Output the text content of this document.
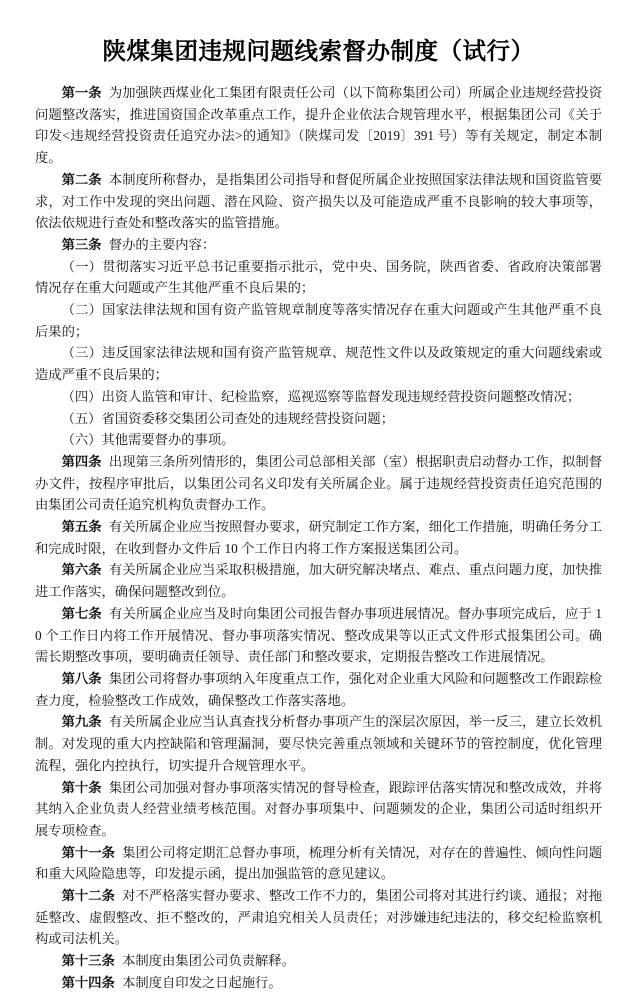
陕煤集团违规问题线索督办制度（试行）

第一条 为加强陕西煤业化工集团有限责任公司（以下简称集团公司）所属企业违规经营投资问题整改落实，推进国资国企改革重点工作，提升企业依法合规管理水平，根据集团公司《关于印发<违规经营投资责任追究办法>的通知》（陕煤司发〔2019〕391 号）等有关规定，制定本制度。

第二条 本制度所称督办，是指集团公司指导和督促所属企业按照国家法律法规和国资监管要求，对工作中发现的突出问题、潜在风险、资产损失以及可能造成严重不良影响的较大事项等，依法依规进行查处和整改落实的监管措施。

第三条 督办的主要内容：

（一）贯彻落实习近平总书记重要指示批示，党中央、国务院，陕西省委、省政府决策部署情况存在重大问题或产生其他严重不良后果的；

（二）国家法律法规和国有资产监管规章制度等落实情况存在重大问题或产生其他严重不良后果的；

（三）违反国家法律法规和国有资产监管规章、规范性文件以及政策规定的重大问题线索或造成严重不良后果的；

（四）出资人监管和审计、纪检监察，巡视巡察等监督发现违规经营投资问题整改情况；

（五）省国资委移交集团公司查处的违规经营投资问题；

（六）其他需要督办的事项。

第四条 出现第三条所列情形的，集团公司总部相关部（室）根据职责启动督办工作，拟制督办文件，按程序审批后，以集团公司名义印发有关所属企业。属于违规经营投资责任追究范围的由集团公司责任追究机构负责督办工作。

第五条 有关所属企业应当按照督办要求，研究制定工作方案，细化工作措施，明确任务分工和完成时限，在收到督办文件后 10 个工作日内将工作方案报送集团公司。

第六条 有关所属企业应当采取积极措施，加大研究解决堵点、难点、重点问题力度，加快推进工作落实，确保问题整改到位。

第七条 有关所属企业应当及时向集团公司报告督办事项进展情况。督办事项完成后，应于 10 个工作日内将工作开展情况、督办事项落实情况、整改成果等以正式文件形式报集团公司。确需长期整改事项，要明确责任领导、责任部门和整改要求，定期报告整改工作进展情况。

第八条 集团公司将督办事项纳入年度重点工作，强化对企业重大风险和问题整改工作跟踪检查力度，检验整改工作成效，确保整改工作落实落地。

第九条 有关所属企业应当认真查找分析督办事项产生的深层次原因，举一反三，建立长效机制。对发现的重大内控缺陷和管理漏洞，要尽快完善重点领域和关键环节的管控制度，优化管理流程，强化内控执行，切实提升合规管理水平。

第十条 集团公司加强对督办事项落实情况的督导检查，跟踪评估落实情况和整改成效，并将其纳入企业负责人经营业绩考核范围。对督办事项集中、问题频发的企业，集团公司适时组织开展专项检查。

第十一条 集团公司将定期汇总督办事项，梳理分析有关情况，对存在的普遍性、倾向性问题和重大风险隐患等，印发提示函，提出加强监管的意见建议。

第十二条 对不严格落实督办要求、整改工作不力的，集团公司将对其进行约谈、通报；对拖延整改、虚假整改、拒不整改的，严肃追究相关人员责任；对涉嫌违纪违法的，移交纪检监察机构或司法机关。

第十三条 本制度由集团公司负责解释。

第十四条 本制度自印发之日起施行。
